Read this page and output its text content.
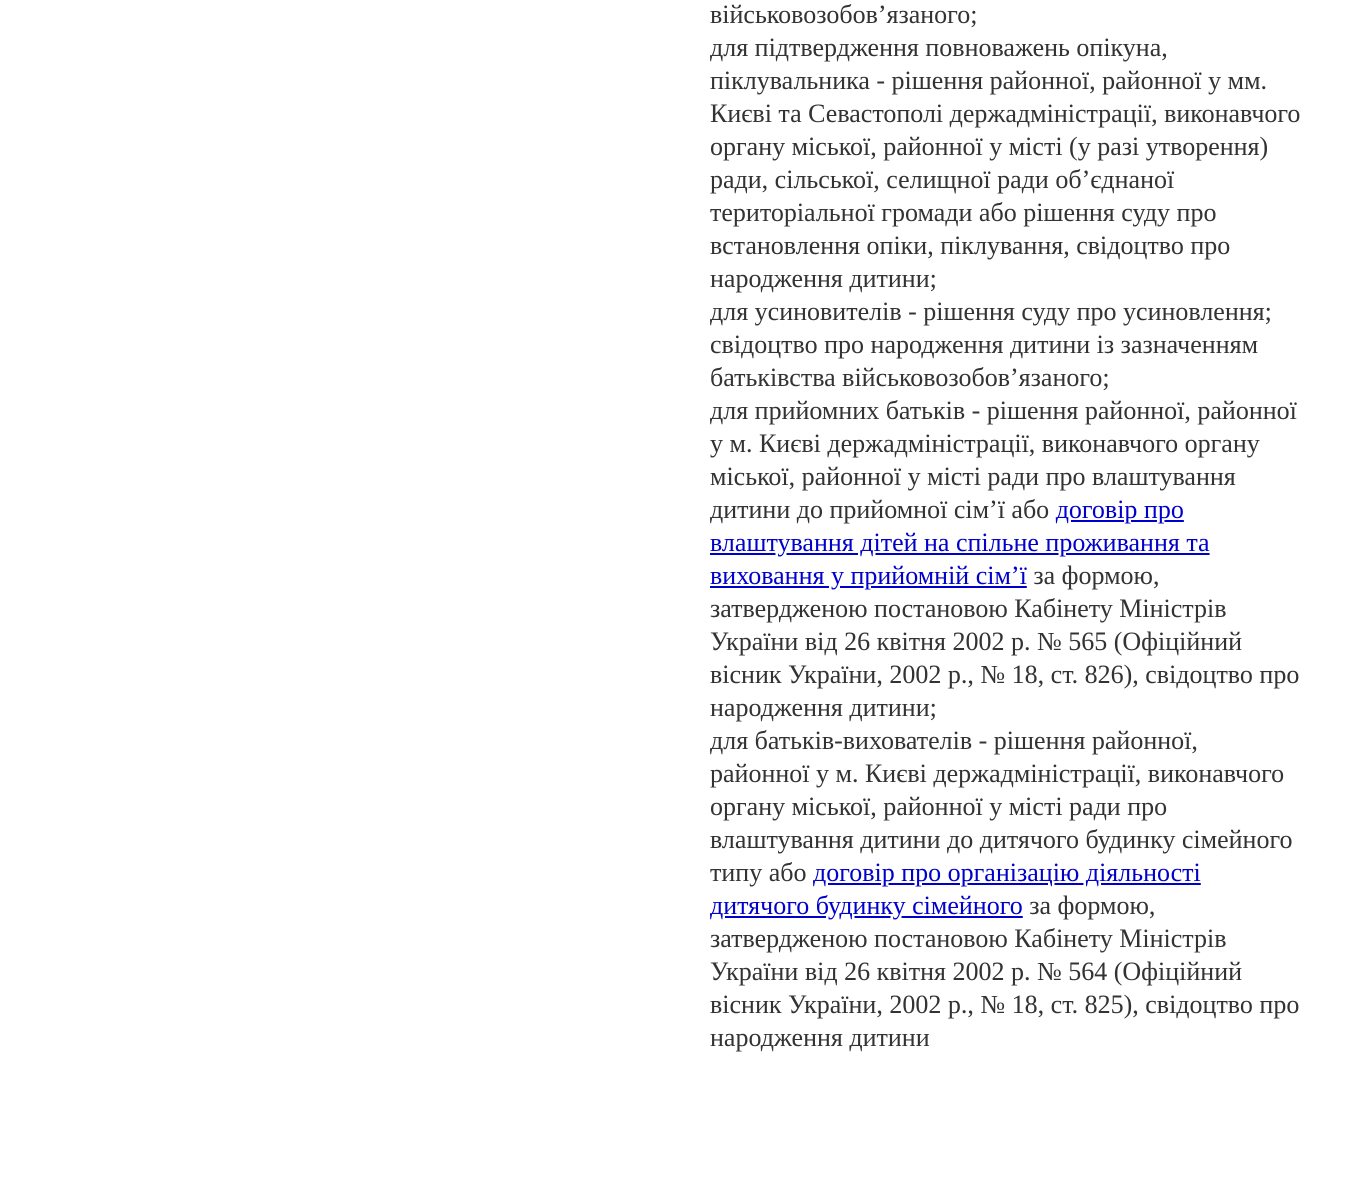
військовозобов’язаного;

для підтвердження повноважень опікуна, піклувальника - рішення районної, районної у мм. Києві та Севастополі держадміністрації, виконавчого органу міської, районної у місті (у разі утворення) ради, сільської, селищної ради об’єднаної територіальної громади або рішення суду про встановлення опіки, піклування, свідоцтво про народження дитини;

для усиновителів - рішення суду про усиновлення; свідоцтво про народження дитини із зазначенням батьківства військовозобов’язаного;

для прийомних батьків - рішення районної, районної у м. Києві держадміністрації, виконавчого органу міської, районної у місті ради про влаштування дитини до прийомної сім’ї або договір про влаштування дітей на спільне проживання та виховання у прийомній сім’ї за формою, затвердженою постановою Кабінету Міністрів України від 26 квітня 2002 р. № 565 (Офіційний вісник України, 2002 р., № 18, ст. 826), свідоцтво про народження дитини;

для батьків-вихователів - рішення районної, районної у м. Києві держадміністрації, виконавчого органу міської, районної у місті ради про влаштування дитини до дитячого будинку сімейного типу або договір про організацію діяльності дитячого будинку сімейного за формою, затвердженою постановою Кабінету Міністрів України від 26 квітня 2002 р. № 564 (Офіційний вісник України, 2002 р., № 18, ст. 825), свідоцтво про народження дитини
